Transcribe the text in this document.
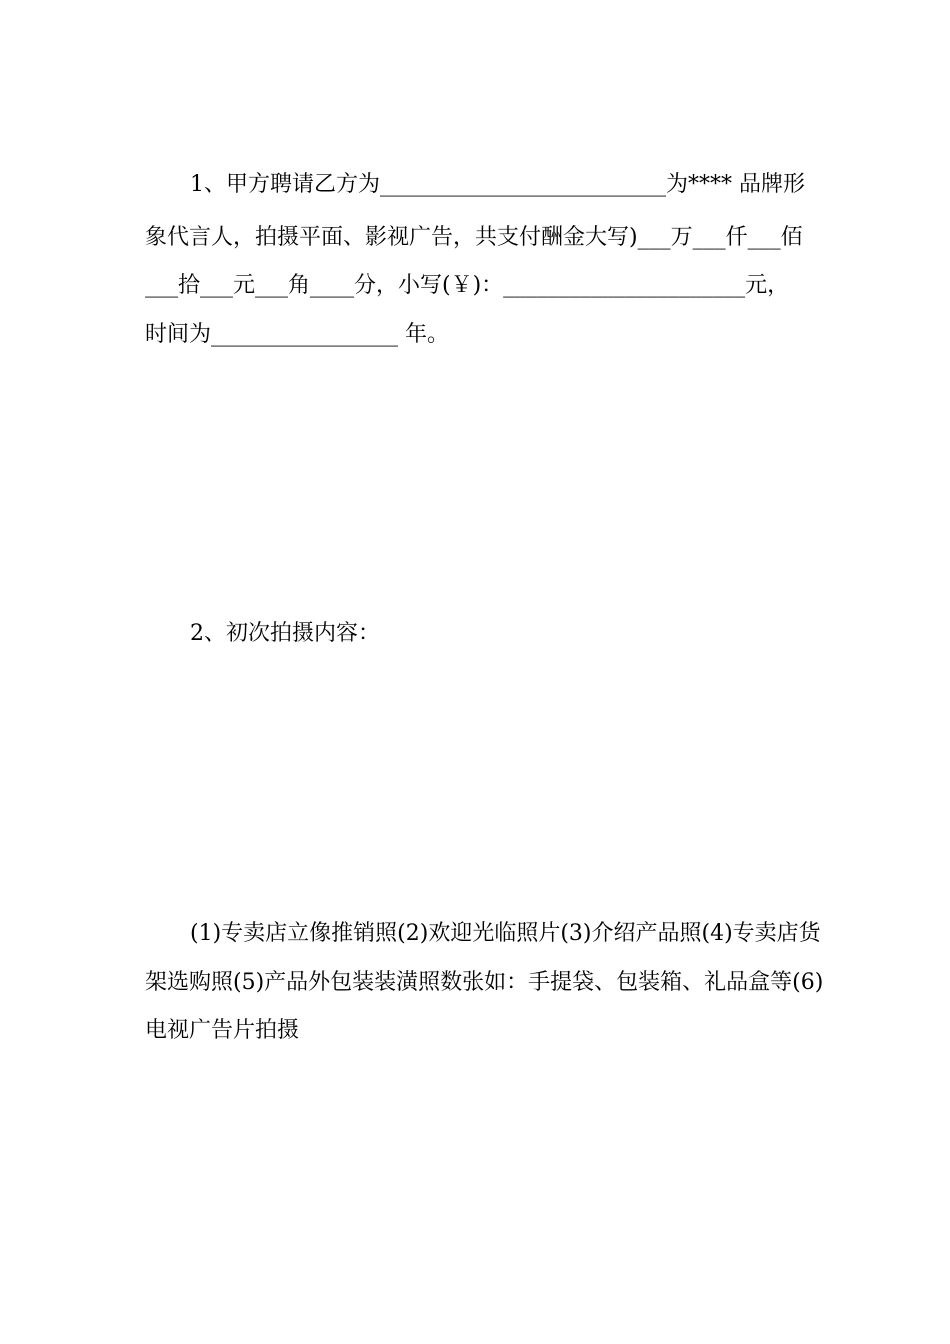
1、甲方聘请乙方为__________________________为**** 品牌形

象代言人，拍摄平面、影视广告，共支付酬金大写)___万___仟___佰

___拾___元___角____分，小写(￥)：______________________元，

时间为_________________ 年。

2、初次拍摄内容：

(1)专卖店立像推销照(2)欢迎光临照片(3)介绍产品照(4)专卖店货

架选购照(5)产品外包装装潢照数张如：手提袋、包装箱、礼品盒等(6)

电视广告片拍摄
